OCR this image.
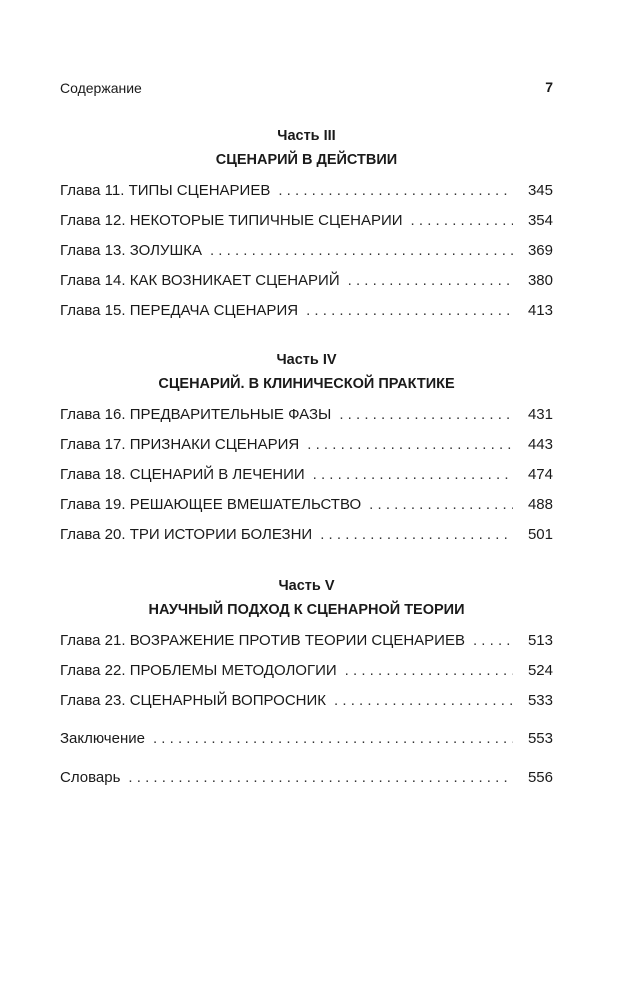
Содержание	7
Часть III
СЦЕНАРИЙ В ДЕЙСТВИИ
Глава 11. ТИПЫ СЦЕНАРИЕВ . . .	345
Глава 12. НЕКОТОРЫЕ ТИПИЧНЫЕ СЦЕНАРИИ . . .	354
Глава 13. ЗОЛУШКА . . .	369
Глава 14. КАК ВОЗНИКАЕТ СЦЕНАРИЙ . . .	380
Глава 15. ПЕРЕДАЧА СЦЕНАРИЯ . . .	413
Часть IV
СЦЕНАРИЙ. В КЛИНИЧЕСКОЙ ПРАКТИКЕ
Глава 16. ПРЕДВАРИТЕЛЬНЫЕ ФАЗЫ . . .	431
Глава 17. ПРИЗНАКИ СЦЕНАРИЯ . . .	443
Глава 18. СЦЕНАРИЙ В ЛЕЧЕНИИ . . .	474
Глава 19. РЕШАЮЩЕЕ ВМЕШАТЕЛЬСТВО . . .	488
Глава 20. ТРИ ИСТОРИИ БОЛЕЗНИ . . .	501
Часть V
НАУЧНЫЙ ПОДХОД К СЦЕНАРНОЙ ТЕОРИИ
Глава 21. ВОЗРАЖЕНИЕ ПРОТИВ ТЕОРИИ СЦЕНАРИЕВ . . .	513
Глава 22. ПРОБЛЕМЫ МЕТОДОЛОГИИ . . .	524
Глава 23. СЦЕНАРНЫЙ ВОПРОСНИК . . .	533
Заключение . . .	553
Словарь . . .	556
